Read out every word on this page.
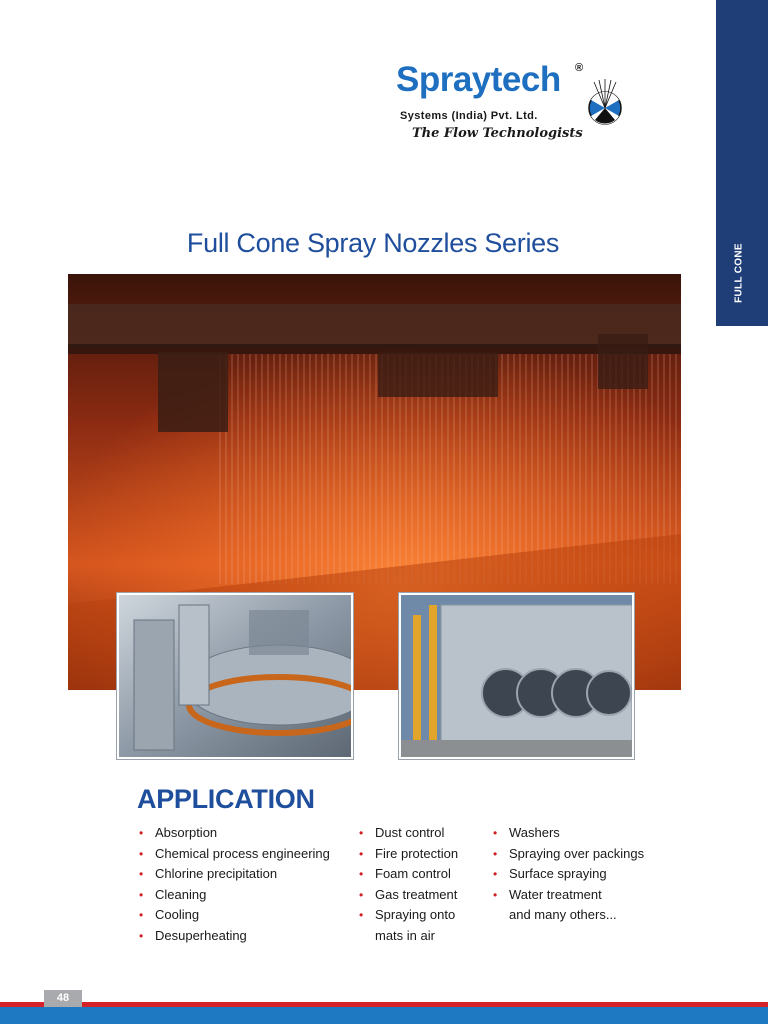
FULL CONE
Spraytech ®
Systems (India) Pvt. Ltd.
The Flow Technologists
Full Cone Spray Nozzles Series
APPLICATION
• Absorption
• Chemical process engineering
• Chlorine precipitation
• Cleaning
• Cooling
• Desuperheating
• Dust control
• Fire protection
• Foam control
• Gas treatment
• Spraying onto
mats in air
• Washers
• Spraying over packings
• Surface spraying
• Water treatment
and many others...
48
